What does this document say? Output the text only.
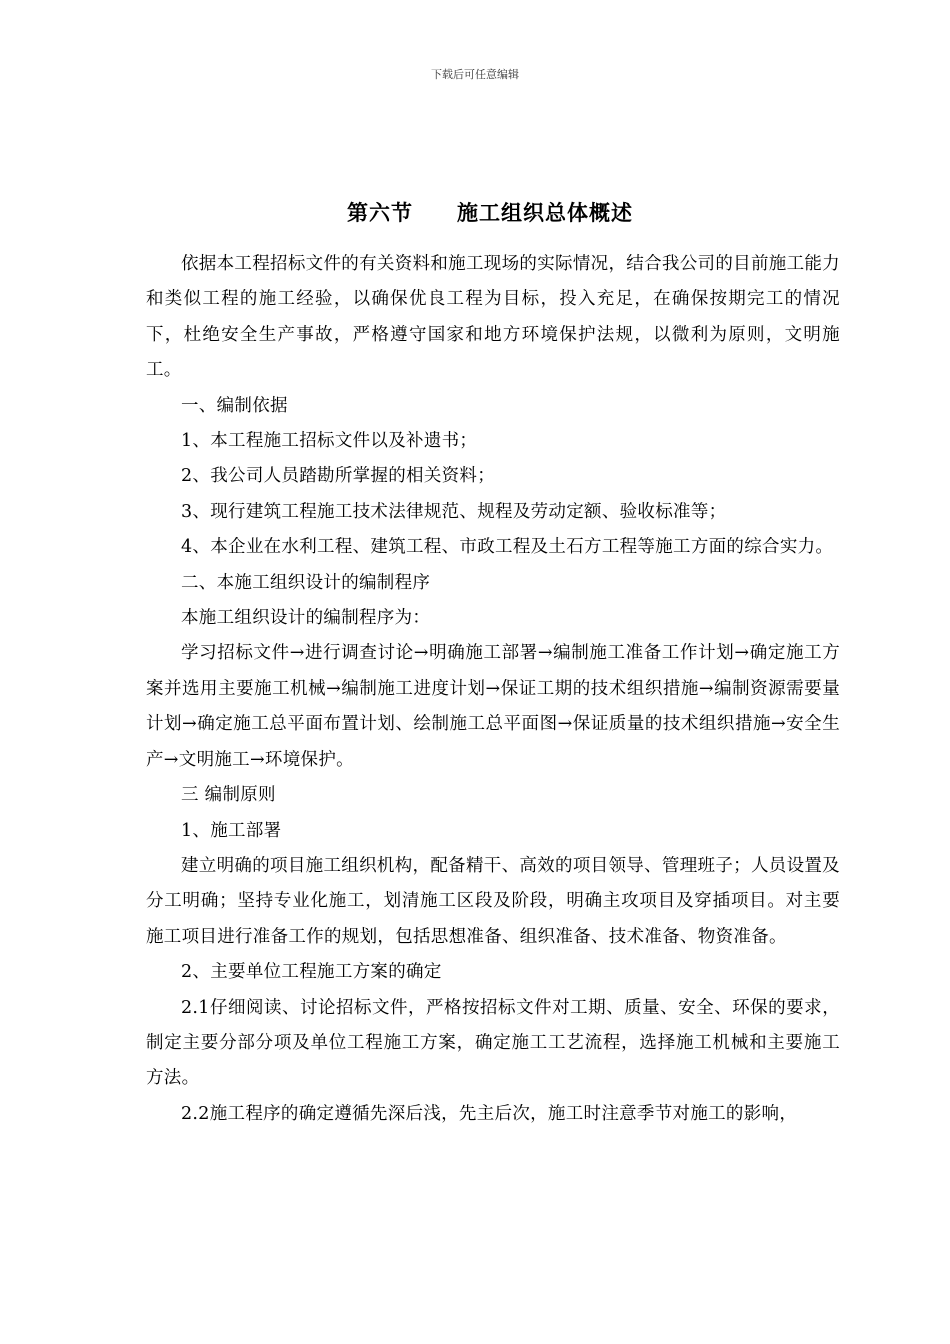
下载后可任意编辑
第六节 施工组织总体概述

依据本工程招标文件的有关资料和施工现场的实际情况，结合我公司的目前施工能力和类似工程的施工经验，以确保优良工程为目标，投入充足，在确保按期完工的情况下，杜绝安全生产事故，严格遵守国家和地方环境保护法规，以微利为原则，文明施工。

一、编制依据

1、本工程施工招标文件以及补遗书；

2、我公司人员踏勘所掌握的相关资料；

3、现行建筑工程施工技术法律规范、规程及劳动定额、验收标准等；

4、本企业在水利工程、建筑工程、市政工程及土石方工程等施工方面的综合实力。

二、本施工组织设计的编制程序

本施工组织设计的编制程序为：

学习招标文件→进行调查讨论→明确施工部署→编制施工准备工作计划→确定施工方案并选用主要施工机械→编制施工进度计划→保证工期的技术组织措施→编制资源需要量计划→确定施工总平面布置计划、绘制施工总平面图→保证质量的技术组织措施→安全生产→文明施工→环境保护。

三 编制原则

1、施工部署

建立明确的项目施工组织机构，配备精干、高效的项目领导、管理班子；人员设置及分工明确；坚持专业化施工，划清施工区段及阶段，明确主攻项目及穿插项目。对主要施工项目进行准备工作的规划，包括思想准备、组织准备、技术准备、物资准备。

2、主要单位工程施工方案的确定

2.1仔细阅读、讨论招标文件，严格按招标文件对工期、质量、安全、环保的要求，制定主要分部分项及单位工程施工方案，确定施工工艺流程，选择施工机械和主要施工方法。

2.2施工程序的确定遵循先深后浅，先主后次，施工时注意季节对施工的影响，
